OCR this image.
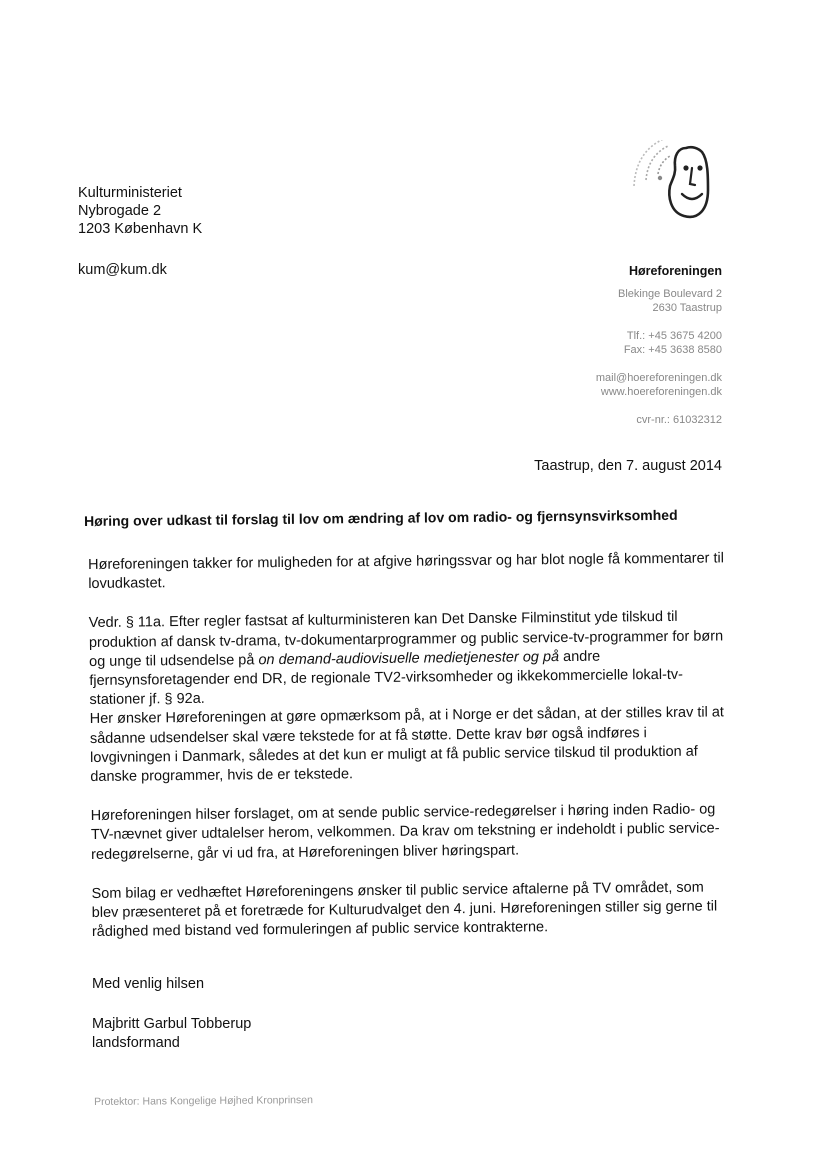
Kulturministeriet
Nybrogade 2
1203 København K
kum@kum.dk	Høreforeningen
Blekinge Boulevard 2
2630 Taastrup
Tlf.: +45 3675 4200
Fax: +45 3638 8580
mail@hoereforeningen.dk
www.hoereforeningen.dk
cvr-nr.: 61032312
Taastrup, den 7. august 2014
Høring over udkast til forslag til lov om ændring af lov om radio- og fjernsynsvirksomhed

Høreforeningen takker for muligheden for at afgive høringssvar og har blot nogle få kommentarer til lovudkastet.

Vedr. § 11a. Efter regler fastsat af kulturministeren kan Det Danske Filminstitut yde tilskud til produktion af dansk tv-drama, tv-dokumentarprogrammer og public service-tv-programmer for børn og unge til udsendelse på on demand-audiovisuelle medietjenester og på andre fjernsynsforetagender end DR, de regionale TV2-virksomheder og ikkekommercielle lokal-tv-stationer jf. § 92a.
Her ønsker Høreforeningen at gøre opmærksom på, at i Norge er det sådan, at der stilles krav til at sådanne udsendelser skal være tekstede for at få støtte. Dette krav bør også indføres i lovgivningen i Danmark, således at det kun er muligt at få public service tilskud til produktion af danske programmer, hvis de er tekstede.

Høreforeningen hilser forslaget, om at sende public service-redegørelser i høring inden Radio- og TV-nævnet giver udtalelser herom, velkommen. Da krav om tekstning er indeholdt i public service-redegørelserne, går vi ud fra, at Høreforeningen bliver høringspart.

Som bilag er vedhæftet Høreforeningens ønsker til public service aftalerne på TV området, som blev præsenteret på et foretræde for Kulturudvalget den 4. juni. Høreforeningen stiller sig gerne til rådighed med bistand ved formuleringen af public service kontrakterne.

Med venlig hilsen
Majbritt Garbul Tobberup
landsformand
Protektor: Hans Kongelige Højhed Kronprinsen
